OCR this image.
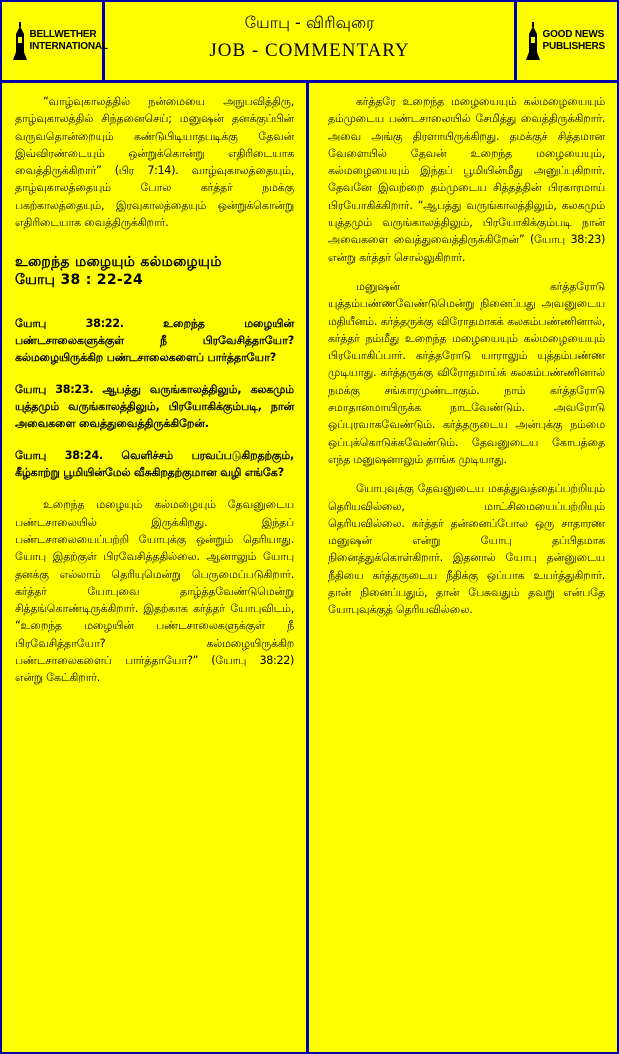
BELLWETHER INTERNATIONAL
யோபு - விரிவுரை
JOB - COMMENTARY
GOOD NEWS PUBLISHERS

“வாழ்வுகாலத்தில் நன்மையை அநுபவித்திரு, தாழ்வுகாலத்தில் சிந்தனைசெய்; மனுஷன் தனக்குப்பின் வருவதொன்றையும் கண்டுபிடியாதபடிக்கு தேவன் இவ்விரண்டையும் ஒன்றுக்கொன்று எதிரிடையாக வைத்திருக்கிறார்” (பிர 7:14). வாழ்வுகாலத்தையும், தாழ்வுகாலத்தையும் போல கர்த்தர் நமக்கு பகற்காலத்தையும், இரவுகாலத்தையும் ஒன்றுக்கொன்று எதிரிடையாக வைத்திருக்கிறார்.

உறைந்த மழையும் கல்மழையும்
யோபு 38 : 22-24
யோபு 38:22. உறைந்த மழையின் பண்டசாலைகளுக்குள் நீ பிரவேசித்தாயோ? கல்மழையிருக்கிற பண்டசாலைகளைப் பார்த்தாயோ?
யோபு 38:23. ஆபத்து வருங்காலத்திலும், கலகமும் யுத்தமும் வருங்காலத்திலும், பிரயோகிக்கும்படி, நான் அவைகளை வைத்துவைத்திருக்கிறேன்.
யோபு 38:24. வெளிச்சம் பரவப்படுகிறதற்கும், கீழ்காற்று பூமியின்மேல் வீசுகிறதற்குமான வழி எங்கே?

உறைந்த மழையும் கல்மழையும் தேவனுடைய பண்டசாலையில் இருக்கிறது. இந்தப் பண்டசாலையைப்பற்றி யோபுக்கு ஒன்றும் தெரியாது. யோபு இதற்குள் பிரவேசித்ததில்லை. ஆனாலும் யோபு தனக்கு எல்லாம் தெரியுமென்று பெருமைப்படுகிறார். கர்த்தர் யோபுவை தாழ்த்தவேண்டுமென்று சித்தங்கொண்டிருக்கிறார். இதற்காக கர்த்தர் யோபுவிடம், “உறைந்த மழையின் பண்டசாலைகளுக்குள் நீ பிரவேசித்தாயோ? கல்மழையிருக்கிற பண்டசாலைகளைப் பார்த்தாயோ?” (யோபு 38:22) என்று கேட்கிறார்.

கர்த்தரே உறைந்த மழையையும் கல்மழையையும் தம்முடைய பண்டசாலையில் சேமித்து வைத்திருக்கிறார். அவை அங்கு திரளாயிருக்கிறது. தமக்குச் சித்தமான வேளையில் தேவன் உறைந்த மழையையும், கல்மழையையும் இந்தப் பூமியின்மீது அனுப்புகிறார். தேவனே இவற்றை தம்முடைய சித்தத்தின் பிரகாரமாய் பிரயோகிக்கிறார். “ஆபத்து வருங்காலத்திலும், கலகமும் யுத்தமும் வருங்காலத்திலும், பிரயோகிக்கும்படி நான் அவைகளை வைத்துவைத்திருக்கிறேன்” (யோபு 38:23) என்று கர்த்தர் சொல்லுகிறார்.

மனுஷன் கர்த்தரோடு யுத்தம்பண்ணவேண்டுமென்று நினைப்பது அவனுடைய மதியீனம். கர்த்தருக்கு விரோதமாகக் கலகம்பண்ணினால், கர்த்தர் நம்மீது உறைந்த மழையையும் கல்மழையையும் பிரயோகிப்பார். கர்த்தரோடு யாராலும் யுத்தம்பண்ண முடியாது. கர்த்தருக்கு விரோதமாய்க் கலகம்பண்ணினால் நமக்கு சங்காரமுண்டாகும். நாம் கர்த்தரோடு சமாதானமாயிருக்க நாடவேண்டும். அவரோடு ஒப்புரவாகவேண்டும். கர்த்தருடைய அன்புக்கு நம்மை ஒப்புக்கொடுக்கவேண்டும். தேவனுடைய கோபத்தை எந்த மனுஷனாலும் தாங்க முடியாது.

யோபுவுக்கு தேவனுடைய மகத்துவத்தைப்பற்றியும் தெரியவில்லை, மாட்சிமையைப்பற்றியும் தெரியவில்லை. கர்த்தர் தன்னைப்போல ஒரு சாதாரண மனுஷன் என்று யோபு தப்பிதமாக நினைத்துக்கொள்கிறார். இதனால் யோபு தன்னுடைய நீதியை கர்த்தருடைய நீதிக்கு ஒப்பாக உயர்த்துகிறார். தான் நினைப்பதும், தான் பேசுவதும் தவறு என்பதே யோபுவுக்குத் தெரியவில்லை.
